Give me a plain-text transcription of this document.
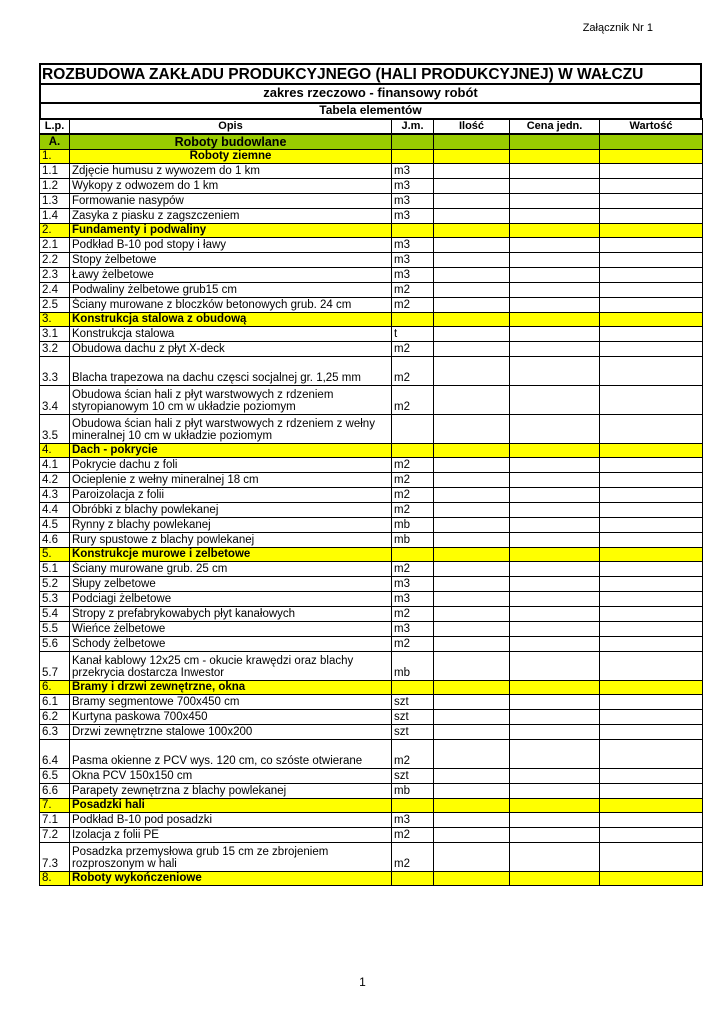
Załącznik Nr 1
ROZBUDOWA ZAKŁADU PRODUKCYJNEGO (HALI PRODUKCYJNEJ) W WAŁCZU
zakres rzeczowo - finansowy robót
Tabela elementów
L.p.	Opis	J.m.	Ilość	Cena jedn.	Wartość
A.	Roboty budowlane				
1.	Roboty ziemne				
1.1	Zdjęcie humusu z wywozem do 1 km	m3			
1.2	Wykopy z odwozem do 1 km	m3			
1.3	Formowanie nasypów	m3			
1.4	Zasyka z piasku z zagszczeniem	m3			
2.	Fundamenty i podwaliny				
2.1	Podkład B-10 pod stopy i ławy	m3			
2.2	Stopy żelbetowe	m3			
2.3	Ławy żelbetowe	m3			
2.4	Podwaliny żelbetowe grub15 cm	m2			
2.5	Ściany murowane z bloczków betonowych grub. 24 cm	m2			
3.	Konstrukcja stalowa z obudową				
3.1	Konstrukcja stalowa	t			
3.2	Obudowa dachu z płyt X-deck	m2			
3.3	Blacha trapezowa na dachu częsci socjalnej gr. 1,25 mm	m2			
3.4	Obudowa ścian hali z płyt warstwowych z rdzeniem styropianowym 10 cm w układzie poziomym	m2			
3.5	Obudowa ścian hali z płyt warstwowych z rdzeniem z wełny mineralnej 10 cm w układzie poziomym				
4.	Dach - pokrycie				
4.1	Pokrycie dachu z foli	m2			
4.2	Ocieplenie z wełny mineralnej 18 cm	m2			
4.3	Paroizolacja z folii	m2			
4.4	Obróbki z blachy powlekanej	m2			
4.5	Rynny z blachy powlekanej	mb			
4.6	Rury spustowe z blachy powlekanej	mb			
5.	Konstrukcje murowe i zelbetowe				
5.1	Ściany murowane grub. 25 cm	m2			
5.2	Słupy zelbetowe	m3			
5.3	Podciagi żelbetowe	m3			
5.4	Stropy z prefabrykowabych płyt kanałowych	m2			
5.5	Wieńce żelbetowe	m3			
5.6	Schody żelbetowe	m2			
5.7	Kanał kablowy 12x25 cm - okucie krawędzi oraz blachy przekrycia dostarcza Inwestor	mb			
6.	Bramy i drzwi zewnętrzne, okna				
6.1	Bramy segmentowe 700x450 cm	szt			
6.2	Kurtyna paskowa 700x450	szt			
6.3	Drzwi zewnętrzne stalowe 100x200	szt			
6.4	Pasma okienne z PCV wys. 120 cm, co szóste otwierane	m2			
6.5	Okna PCV 150x150 cm	szt			
6.6	Parapety zewnętrzna z blachy powlekanej	mb			
7.	Posadzki hali				
7.1	Podkład B-10 pod posadzki	m3			
7.2	Izolacja z folii PE	m2			
7.3	Posadzka przemysłowa grub 15 cm ze zbrojeniem rozproszonym w hali	m2			
8.	Roboty wykończeniowe				
1
